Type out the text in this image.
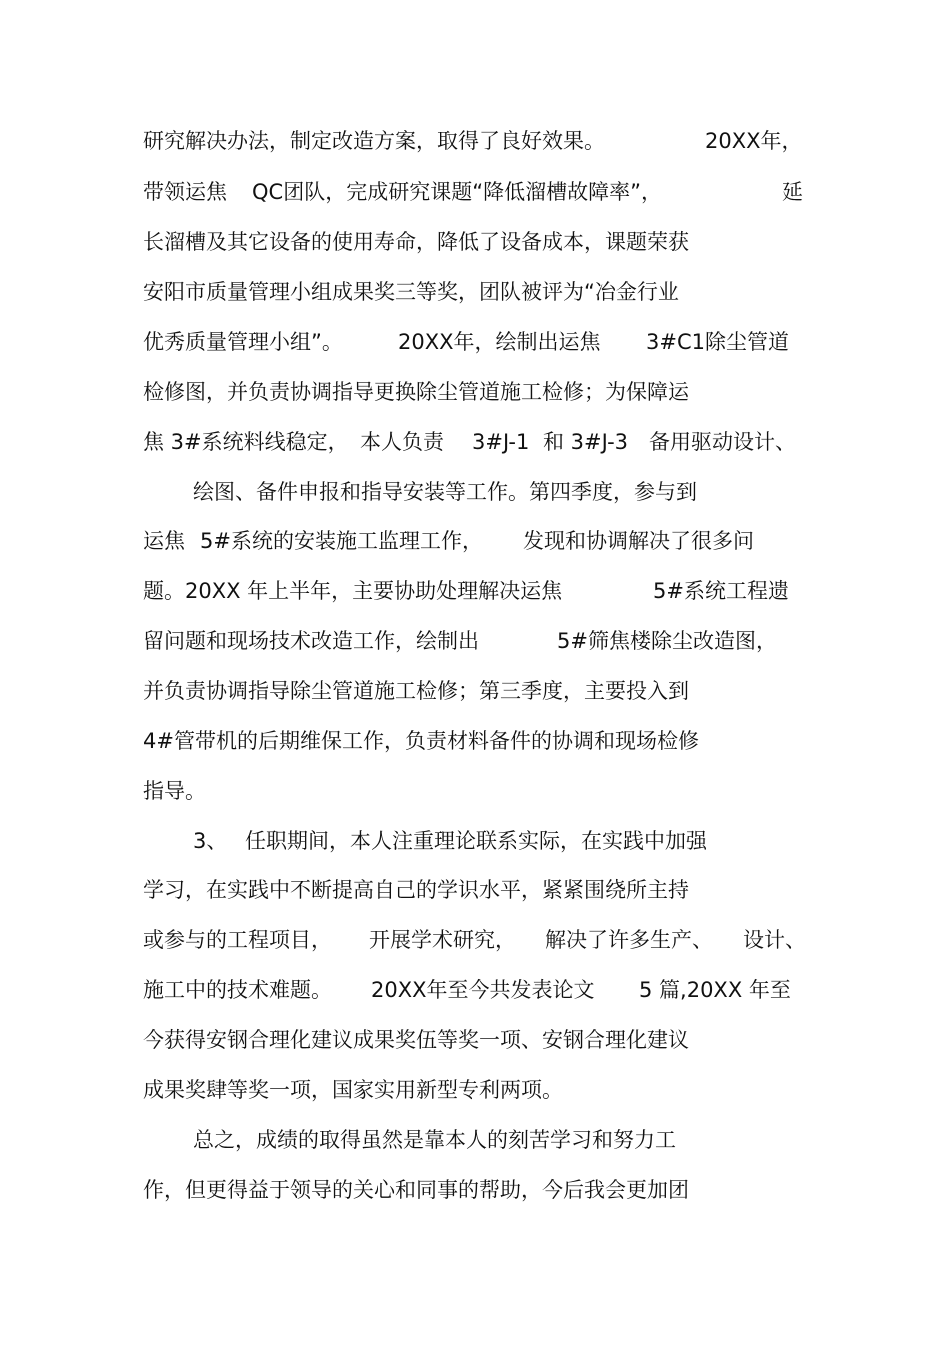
研究解决办法，制定改造方案，取得了良好效果。

	20XX年，

带领运焦

QC团队，完成研究课题“降低溜槽故障率”，

	延

长溜槽及其它设备的使用寿命，降低了设备成本，课题荣获

安阳市质量管理小组成果奖三等奖，团队被评为“冶金行业

优秀质量管理小组”。

	20XX年，绘制出运焦

3#C1除尘管道

检修图，并负责协调指导更换除尘管道施工检修；为保障运

焦 3#系统料线稳定，

本人负责

3#J-1

和 3#J-3

备用驱动设计、

绘图、备件申报和指导安装等工作。第四季度，参与到

运焦

5#系统的安装施工监理工作，

发现和协调解决了很多问

题。20XX 年上半年，主要协助处理解决运焦

	5#系统工程遗

留问题和现场技术改造工作，绘制出

	5#筛焦楼除尘改造图，

并负责协调指导除尘管道施工检修；第三季度，主要投入到

4#管带机的后期维保工作，负责材料备件的协调和现场检修

指导。

3、

任职期间，本人注重理论联系实际，在实践中加强

学习，在实践中不断提高自己的学识水平，紧紧围绕所主持

或参与的工程项目，

开展学术研究，

解决了许多生产、

设计、

施工中的技术难题。

20XX年至今共发表论文

5 篇,20XX 年至

今获得安钢合理化建议成果奖伍等奖一项、安钢合理化建议

成果奖肆等奖一项，国家实用新型专利两项。

总之，成绩的取得虽然是靠本人的刻苦学习和努力工

作，但更得益于领导的关心和同事的帮助，今后我会更加团
